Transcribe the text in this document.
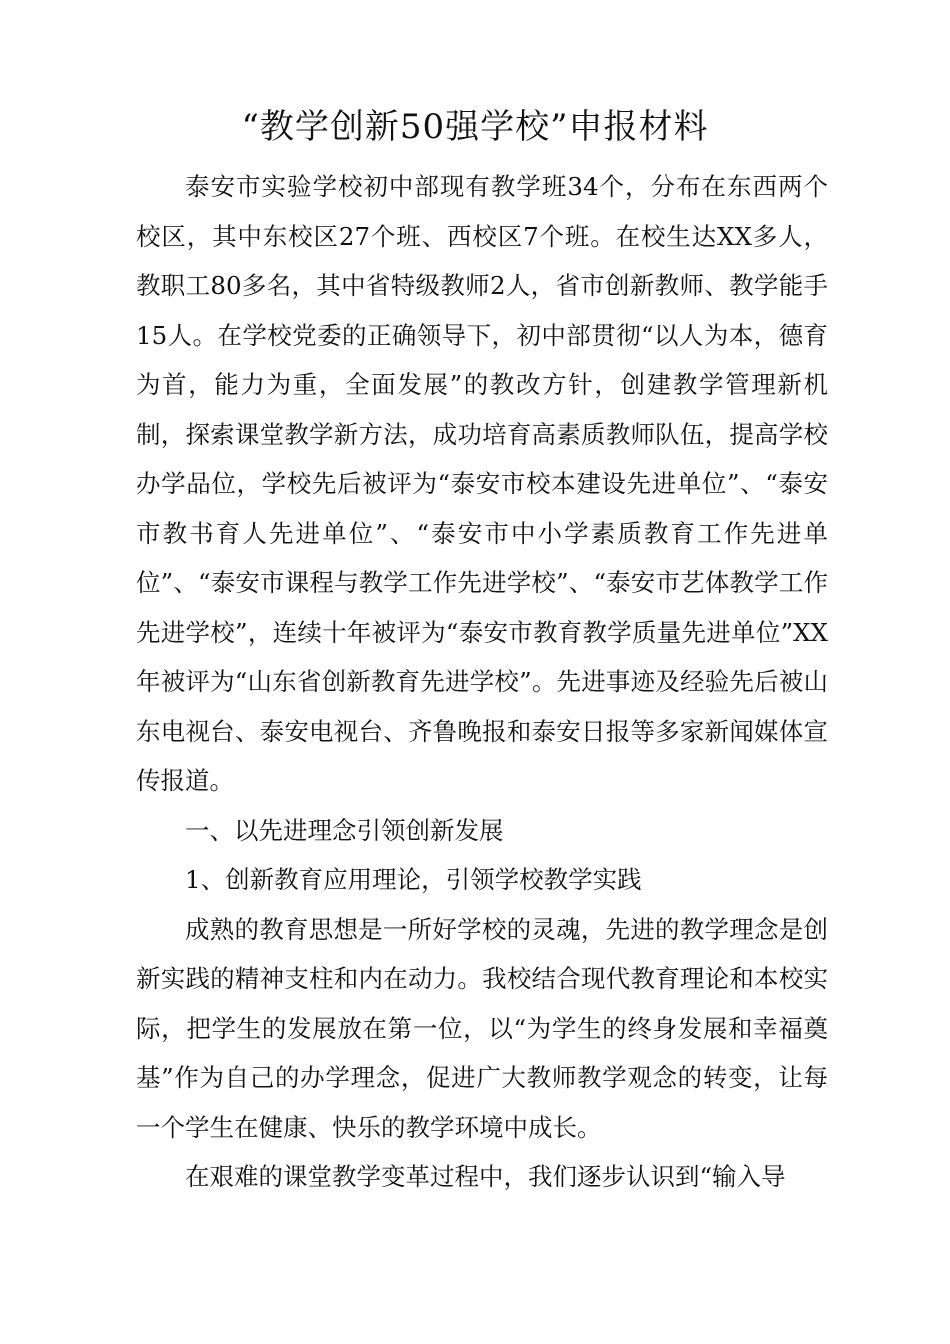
“教学创新50强学校”申报材料

泰安市实验学校初中部现有教学班34个，分布在东西两个校区，其中东校区27个班、西校区7个班。在校生达XX多人，教职工80多名，其中省特级教师2人，省市创新教师、教学能手15人。在学校党委的正确领导下，初中部贯彻“以人为本，德育为首，能力为重，全面发展”的教改方针，创建教学管理新机制，探索课堂教学新方法，成功培育高素质教师队伍，提高学校办学品位，学校先后被评为“泰安市校本建设先进单位”、“泰安市教书育人先进单位”、“泰安市中小学素质教育工作先进单位”、“泰安市课程与教学工作先进学校”、“泰安市艺体教学工作先进学校”，连续十年被评为“泰安市教育教学质量先进单位”XX年被评为“山东省创新教育先进学校”。先进事迹及经验先后被山东电视台、泰安电视台、齐鲁晚报和泰安日报等多家新闻媒体宣传报道。

一、以先进理念引领创新发展

1、创新教育应用理论，引领学校教学实践

成熟的教育思想是一所好学校的灵魂，先进的教学理念是创新实践的精神支柱和内在动力。我校结合现代教育理论和本校实际，把学生的发展放在第一位，以“为学生的终身发展和幸福奠基”作为自己的办学理念，促进广大教师教学观念的转变，让每一个学生在健康、快乐的教学环境中成长。

在艰难的课堂教学变革过程中，我们逐步认识到“输入导
